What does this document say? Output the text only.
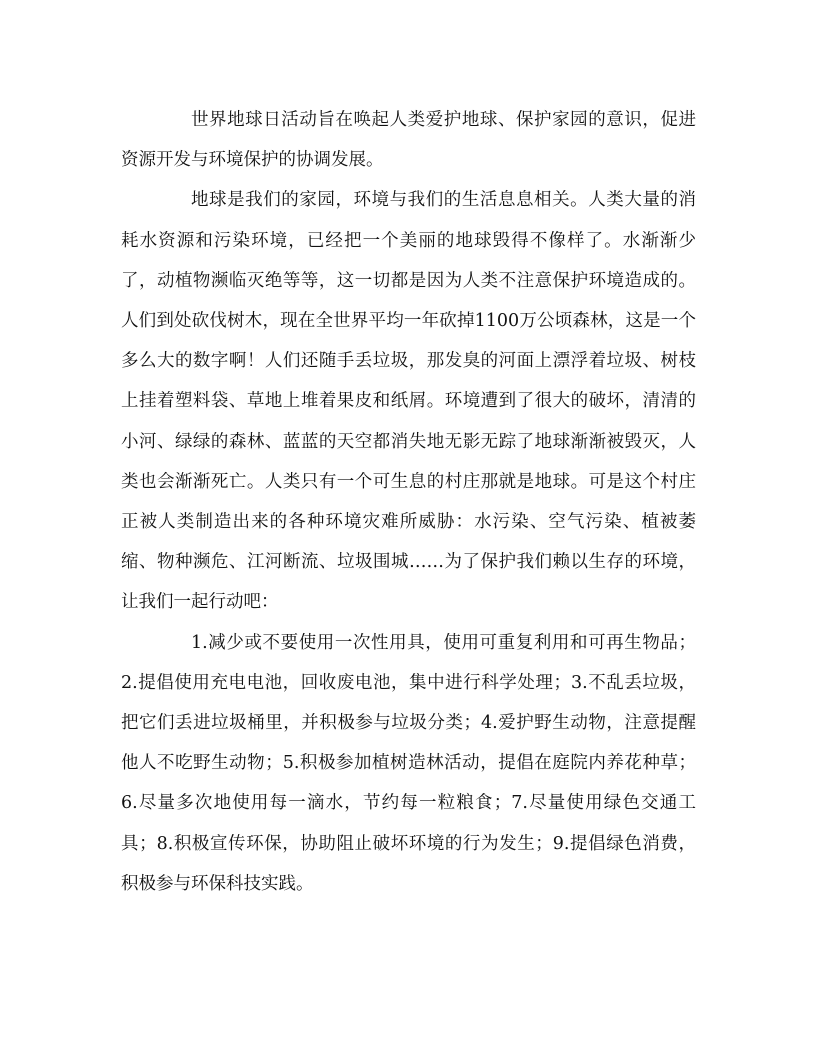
世界地球日活动旨在唤起人类爱护地球、保护家园的意识，促进资源开发与环境保护的协调发展。

地球是我们的家园，环境与我们的生活息息相关。人类大量的消耗水资源和污染环境，已经把一个美丽的地球毁得不像样了。水渐渐少了，动植物濒临灭绝等等，这一切都是因为人类不注意保护环境造成的。人们到处砍伐树木，现在全世界平均一年砍掉1100万公顷森林，这是一个多么大的数字啊！人们还随手丢垃圾，那发臭的河面上漂浮着垃圾、树枝上挂着塑料袋、草地上堆着果皮和纸屑。环境遭到了很大的破坏，清清的小河、绿绿的森林、蓝蓝的天空都消失地无影无踪了地球渐渐被毁灭，人类也会渐渐死亡。人类只有一个可生息的村庄那就是地球。可是这个村庄正被人类制造出来的各种环境灾难所威胁：水污染、空气污染、植被萎缩、物种濒危、江河断流、垃圾围城……为了保护我们赖以生存的环境，让我们一起行动吧：

1.减少或不要使用一次性用具，使用可重复利用和可再生物品；2.提倡使用充电电池，回收废电池，集中进行科学处理；3.不乱丢垃圾，把它们丢进垃圾桶里，并积极参与垃圾分类；4.爱护野生动物，注意提醒他人不吃野生动物；5.积极参加植树造林活动，提倡在庭院内养花种草；6.尽量多次地使用每一滴水，节约每一粒粮食；7.尽量使用绿色交通工具；8.积极宣传环保，协助阻止破坏环境的行为发生；9.提倡绿色消费，积极参与环保科技实践。
